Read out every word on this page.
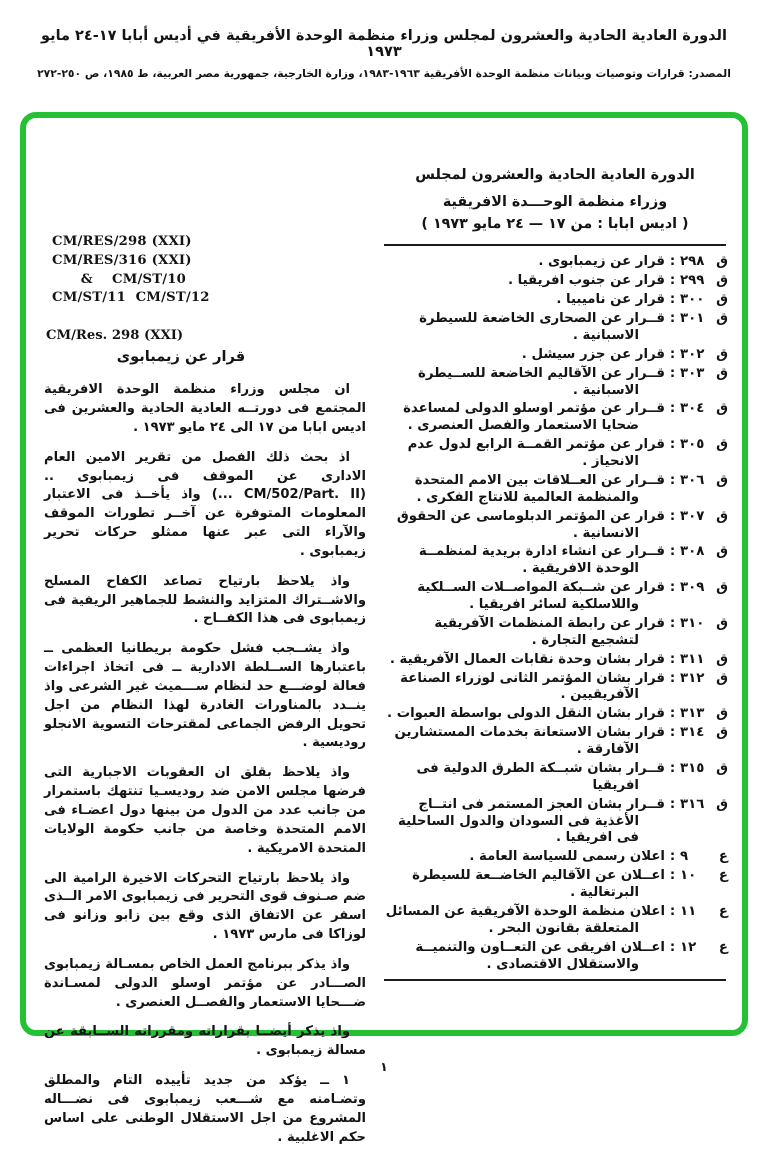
الدورة العادية الحادية والعشرون لمجلس وزراء منظمة الوحدة الأفريقية في أديس أبابا ١٧-٢٤ مايو ١٩٧٣
المصدر: قرارات وتوصيات وبيانات منظمة الوحدة الأفريقية ١٩٦٣-١٩٨٣، وزارة الخارجية، جمهورية مصر العربية، ط ١٩٨٥، ص ٢٥٠-٢٧٢
الدورة العادية الحادية والعشرون لمجلس
وزراء منظمة الوحـــدة الافريقية
( اديس ابابا : من ١٧ — ٢٤ مايو ١٩٧٣ )
ق
٢٩٨
:
قرار عن زيمبابوى .
ق
٢٩٩
:
قرار عن جنوب افريقيا .
ق
٣٠٠
:
قرار عن ناميبيا .
ق
٣٠١
:
قــرار عن الصحارى الخاضعة للسيطرة الاسبانية .
ق
٣٠٢
:
قرار عن جزر سيشل .
ق
٣٠٣
:
قــرار عن الآقاليم الخاضعة للســيطرة الاسبانية .
ق
٣٠٤
:
قــرار عن مؤتمر اوسلو الدولى لمساعدة ضحايا الاستعمار والفصل العنصرى .
ق
٣٠٥
:
قرار عن مؤتمر القمــة الرابع لدول عدم الانحياز .
ق
٣٠٦
:
قــرار عن العــلاقات بين الامم المتحدة والمنظمة العالمية للانتاج الفكرى .
ق
٣٠٧
:
قرار عن المؤتمر الدبلوماسى عن الحقوق الانسانية .
ق
٣٠٨
:
قــرار عن انشاء ادارة بريدية لمنظمــة الوحدة الافريقية .
ق
٣٠٩
:
قرار عن شــبكة المواصــلات الســلكية واللاسلكية لسائر افريقيا .
ق
٣١٠
:
قرار عن رابطة المنظمات الآفريقية لتشجيع التجارة .
ق
٣١١
:
قرار بشان وحدة نقابات العمال الآفريقية .
ق
٣١٢
:
قرار بشان المؤتمر الثانى لوزراء الصناعة الآفريقيين .
ق
٣١٣
:
قرار بشان النقل الدولى بواسطة العبوات .
ق
٣١٤
:
قرار بشان الاستعانة بخدمات المستشارين الآفارقة .
ق
٣١٥
:
قــرار بشان شبــكة الطرق الدولية فى افريقيا
ق
٣١٦
:
قــرار بشان العجز المستمر فى انتــاج الأغذية فى السودان والدول الساحلية فى افريقيا .
ع
٩
:
اعلان رسمى للسياسة العامة .
ع
١٠
:
اعــلان عن الآقاليم الخاضــعة للسيطرة البرتغالية .
ع
١١
:
اعلان منظمة الوحدة الآفريقية عن المسائل المتعلقة بقانون البحر .
ع
١٢
:
اعــلان افريقى عن التعــاون والتنميــة والاستقلال الاقتصادى .

CM/RES/298 (XXI)
CM/RES/316 (XXI)
&    CM/ST/10
CM/ST/11  CM/ST/12
CM/Res. 298 (XXI)
قرار عن زيمبابوى

ان مجلس وزراء منظمة الوحدة الافريقية المجتمع فى دورتــه العادية الحادية والعشرين فى اديس ابابا من ١٧ الى ٢٤ مايو ١٩٧٣ .

اذ بحث ذلك الفصل من تقرير الامين العام الادارى عن الموقف فى زيمبابوى .. (CM/502/Part. II ...) واذ يأخــذ فى الاعتبار المعلومات المتوفرة عن آخــر تطورات الموقف والآراء التى عبر عنها ممثلو حركات تحرير زيمبابوى .

واذ يلاحظ بارتياح تصاعد الكفاح المسلح والاشــتراك المتزايد والنشط للجماهير الريفية فى زيمبابوى فى هذا الكفــاح .

واذ يشــجب فشل حكومة بريطانيا العظمى ــ باعتبارها الســلطة الادارية ــ فى اتخاذ اجراءات فعالة لوضـــع حد لنظام ســـميث غير الشرعى واذ ينــدد بالمناورات الغادرة لهذا النظام من اجل تحويل الرفض الجماعى لمقترحات التسوية الانجلو روديسية .

واذ يلاحظ بقلق ان العقوبات الاجبارية التى فرضها مجلس الامن ضد روديسـيا تنتهك باستمرار من جانب عدد من الدول من بينها دول اعضـاء فى الامم المتحدة وخاصة من جانب حكومة الولايات المتحدة الامريكية .

واذ يلاحظ بارتياح التحركات الاخيرة الرامية الى ضم صـنوف قوى التحرير فى زيمبابوى الامر الــذى اسفر عن الاتفاق الذى وقع بين زابو وزانو فى لوزاكا فى مارس ١٩٧٣ .

واذ يذكر ببرنامج العمل الخاص بمسـالة زيمبابوى الصـــادر عن مؤتمر اوسلو الدولى لمسـاندة ضـــحايا الاستعمار والفصــل العنصرى .

واذ يذكر أيضــا بقراراته ومقرراته الســابقة عن مسالة زيمبابوى .

١ ــ يؤكد من جديد تأييده التام والمطلق وتضـامنه مع شـــعب زيمبابوى فى نضـــاله المشروع من اجل الاستقلال الوطنى على اساس حكم الاغلبية .

١
